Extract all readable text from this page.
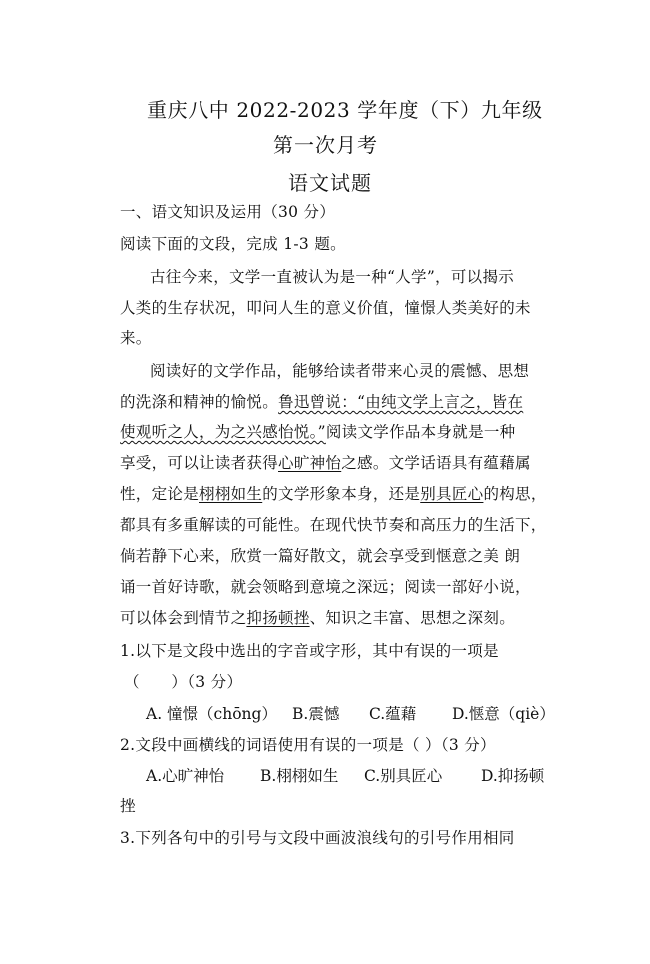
重庆八中 2022-2023 学年度（下）九年级
第一次月考
语文试题
一、语文知识及运用（30 分）
阅读下面的文段，完成 1-3 题。
古往今来，文学一直被认为是一种“人学”，可以揭示
人类的生存状况，叩问人生的意义价值，憧憬人类美好的未
来。
阅读好的文学作品，能够给读者带来心灵的震憾、思想
的洗涤和精神的愉悦。鲁迅曾说：“由纯文学上言之，皆在
使观听之人，为之兴感怡悦。”阅读文学作品本身就是一种
享受，可以让读者获得心旷神怡之感。文学话语具有蕴藉属
性，定论是栩栩如生的文学形象本身，还是别具匠心的构思，
都具有多重解读的可能性。在现代快节奏和高压力的生活下，
倘若静下心来，欣赏一篇好散文，就会享受到惬意之美 朗
诵一首好诗歌，就会领略到意境之深远；阅读一部好小说，
可以体会到情节之抑扬顿挫、知识之丰富、思想之深刻。
1.以下是文段中选出的字音或字形，其中有误的一项是
（　　）（3 分）
A. 憧憬（chōng） B.震憾 C.蕴藉 D.惬意（qiè）
2.文段中画横线的词语使用有误的一项是（ ）（3 分）
A.心旷神怡 B.栩栩如生 C.别具匠心	D.抑扬顿
挫
3.下列各句中的引号与文段中画波浪线句的引号作用相同
